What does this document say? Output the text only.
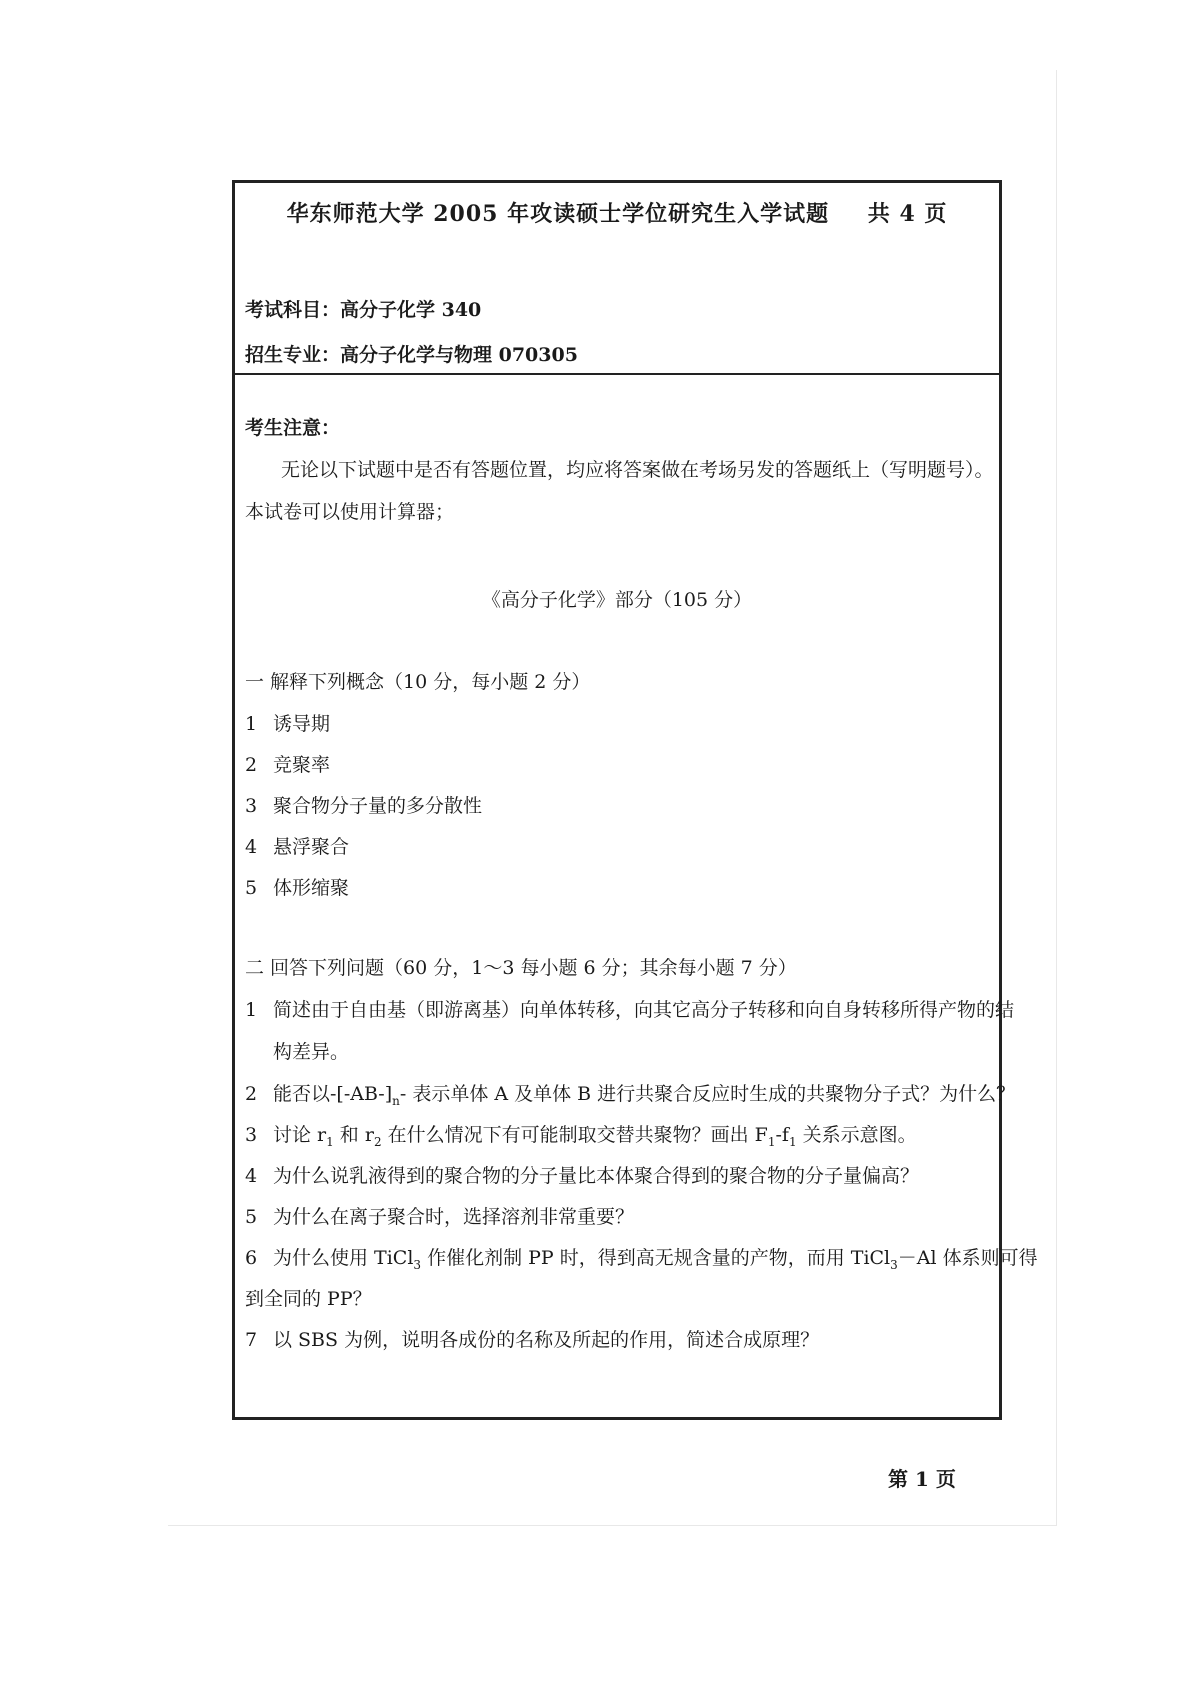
华东师范大学 2005 年攻读硕士学位研究生入学试题 共 4 页
考试科目：高分子化学 340
招生专业：高分子化学与物理 070305
考生注意：
无论以下试题中是否有答题位置，均应将答案做在考场另发的答题纸上（写明题号）。
本试卷可以使用计算器；
《高分子化学》部分（105 分）
一 解释下列概念（10 分，每小题 2 分）
1 诱导期
2 竞聚率
3 聚合物分子量的多分散性
4 悬浮聚合
5 体形缩聚
二 回答下列问题（60 分，1～3 每小题 6 分；其余每小题 7 分）
1 简述由于自由基（即游离基）向单体转移，向其它高分子转移和向自身转移所得产物的结
构差异。
2 能否以$-[-AB-]_n-$ 表示单体 A 及单体 B 进行共聚合反应时生成的共聚物分子式？为什么？
3 讨论 $r_1$ 和 $r_2$ 在什么情况下有可能制取交替共聚物？画出 $F_1-f_1$ 关系示意图。
4 为什么说乳液得到的聚合物的分子量比本体聚合得到的聚合物的分子量偏高？
5 为什么在离子聚合时，选择溶剂非常重要？
6 为什么使用 TiCl$_3$ 作催化剂制 PP 时，得到高无规含量的产物，而用 TiCl$_3$－Al 体系则可得
到全同的 PP？
7 以 SBS 为例，说明各成份的名称及所起的作用，简述合成原理？
第 1 页
